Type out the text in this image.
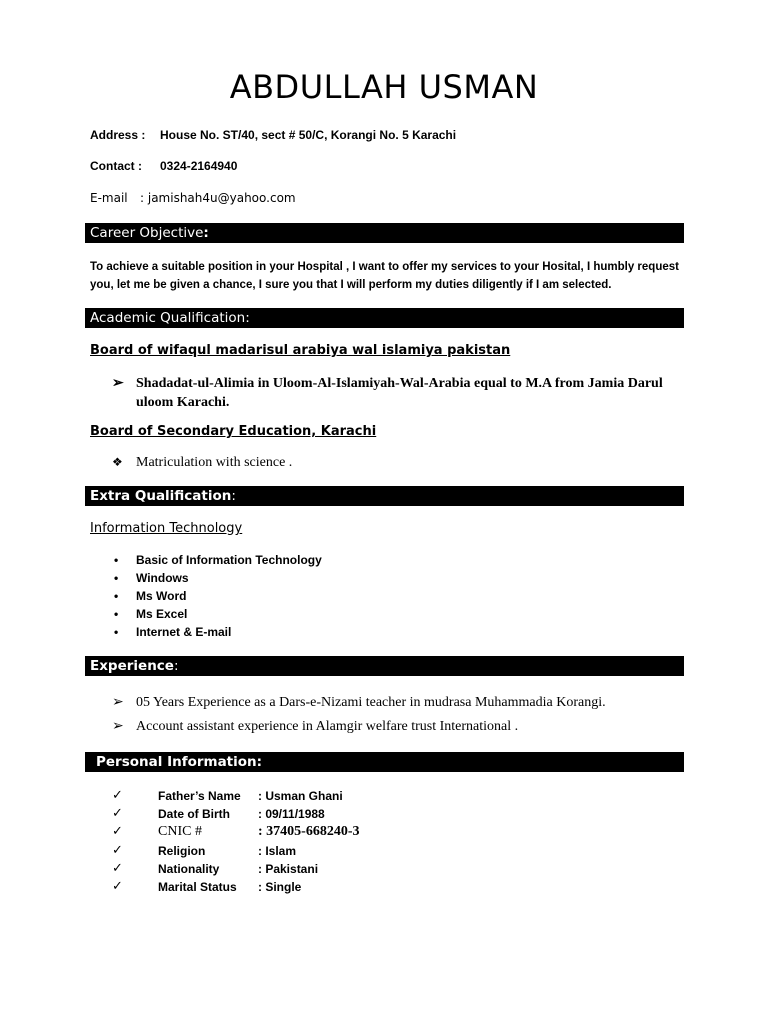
ABDULLAH USMAN
Address : House No. ST/40, sect # 50/C, Korangi No. 5 Karachi
Contact : 0324-2164940
E-mail : jamishah4u@yahoo.com
Career Objective:
To achieve a suitable position in your Hospital , I want to offer my services to your Hosital, I humbly request you, let me be given a chance, I sure you that I will perform my duties diligently if I am selected.
Academic Qualification:
Board of wifaqul madarisul arabiya wal islamiya pakistan
➢ Shadadat-ul-Alimia in Uloom-Al-Islamiyah-Wal-Arabia equal to M.A from Jamia Darul uloom Karachi.
Board of Secondary Education, Karachi
❖ Matriculation with science .
Extra Qualification:
Information Technology
• Basic of Information Technology
• Windows
• Ms Word
• Ms Excel
• Internet & E-mail
Experience:
➢ 05 Years Experience as a Dars-e-Nizami teacher in mudrasa Muhammadia Korangi.
➢ Account assistant experience in Alamgir welfare trust International .
Personal Information:
✓	Father’s Name : Usman Ghani
✓	Date of Birth : 09/11/1988
✓	CNIC #	: 37405-668240-3
✓	Religion	: Islam
✓	Nationality	: Pakistani
✓	Marital Status : Single
